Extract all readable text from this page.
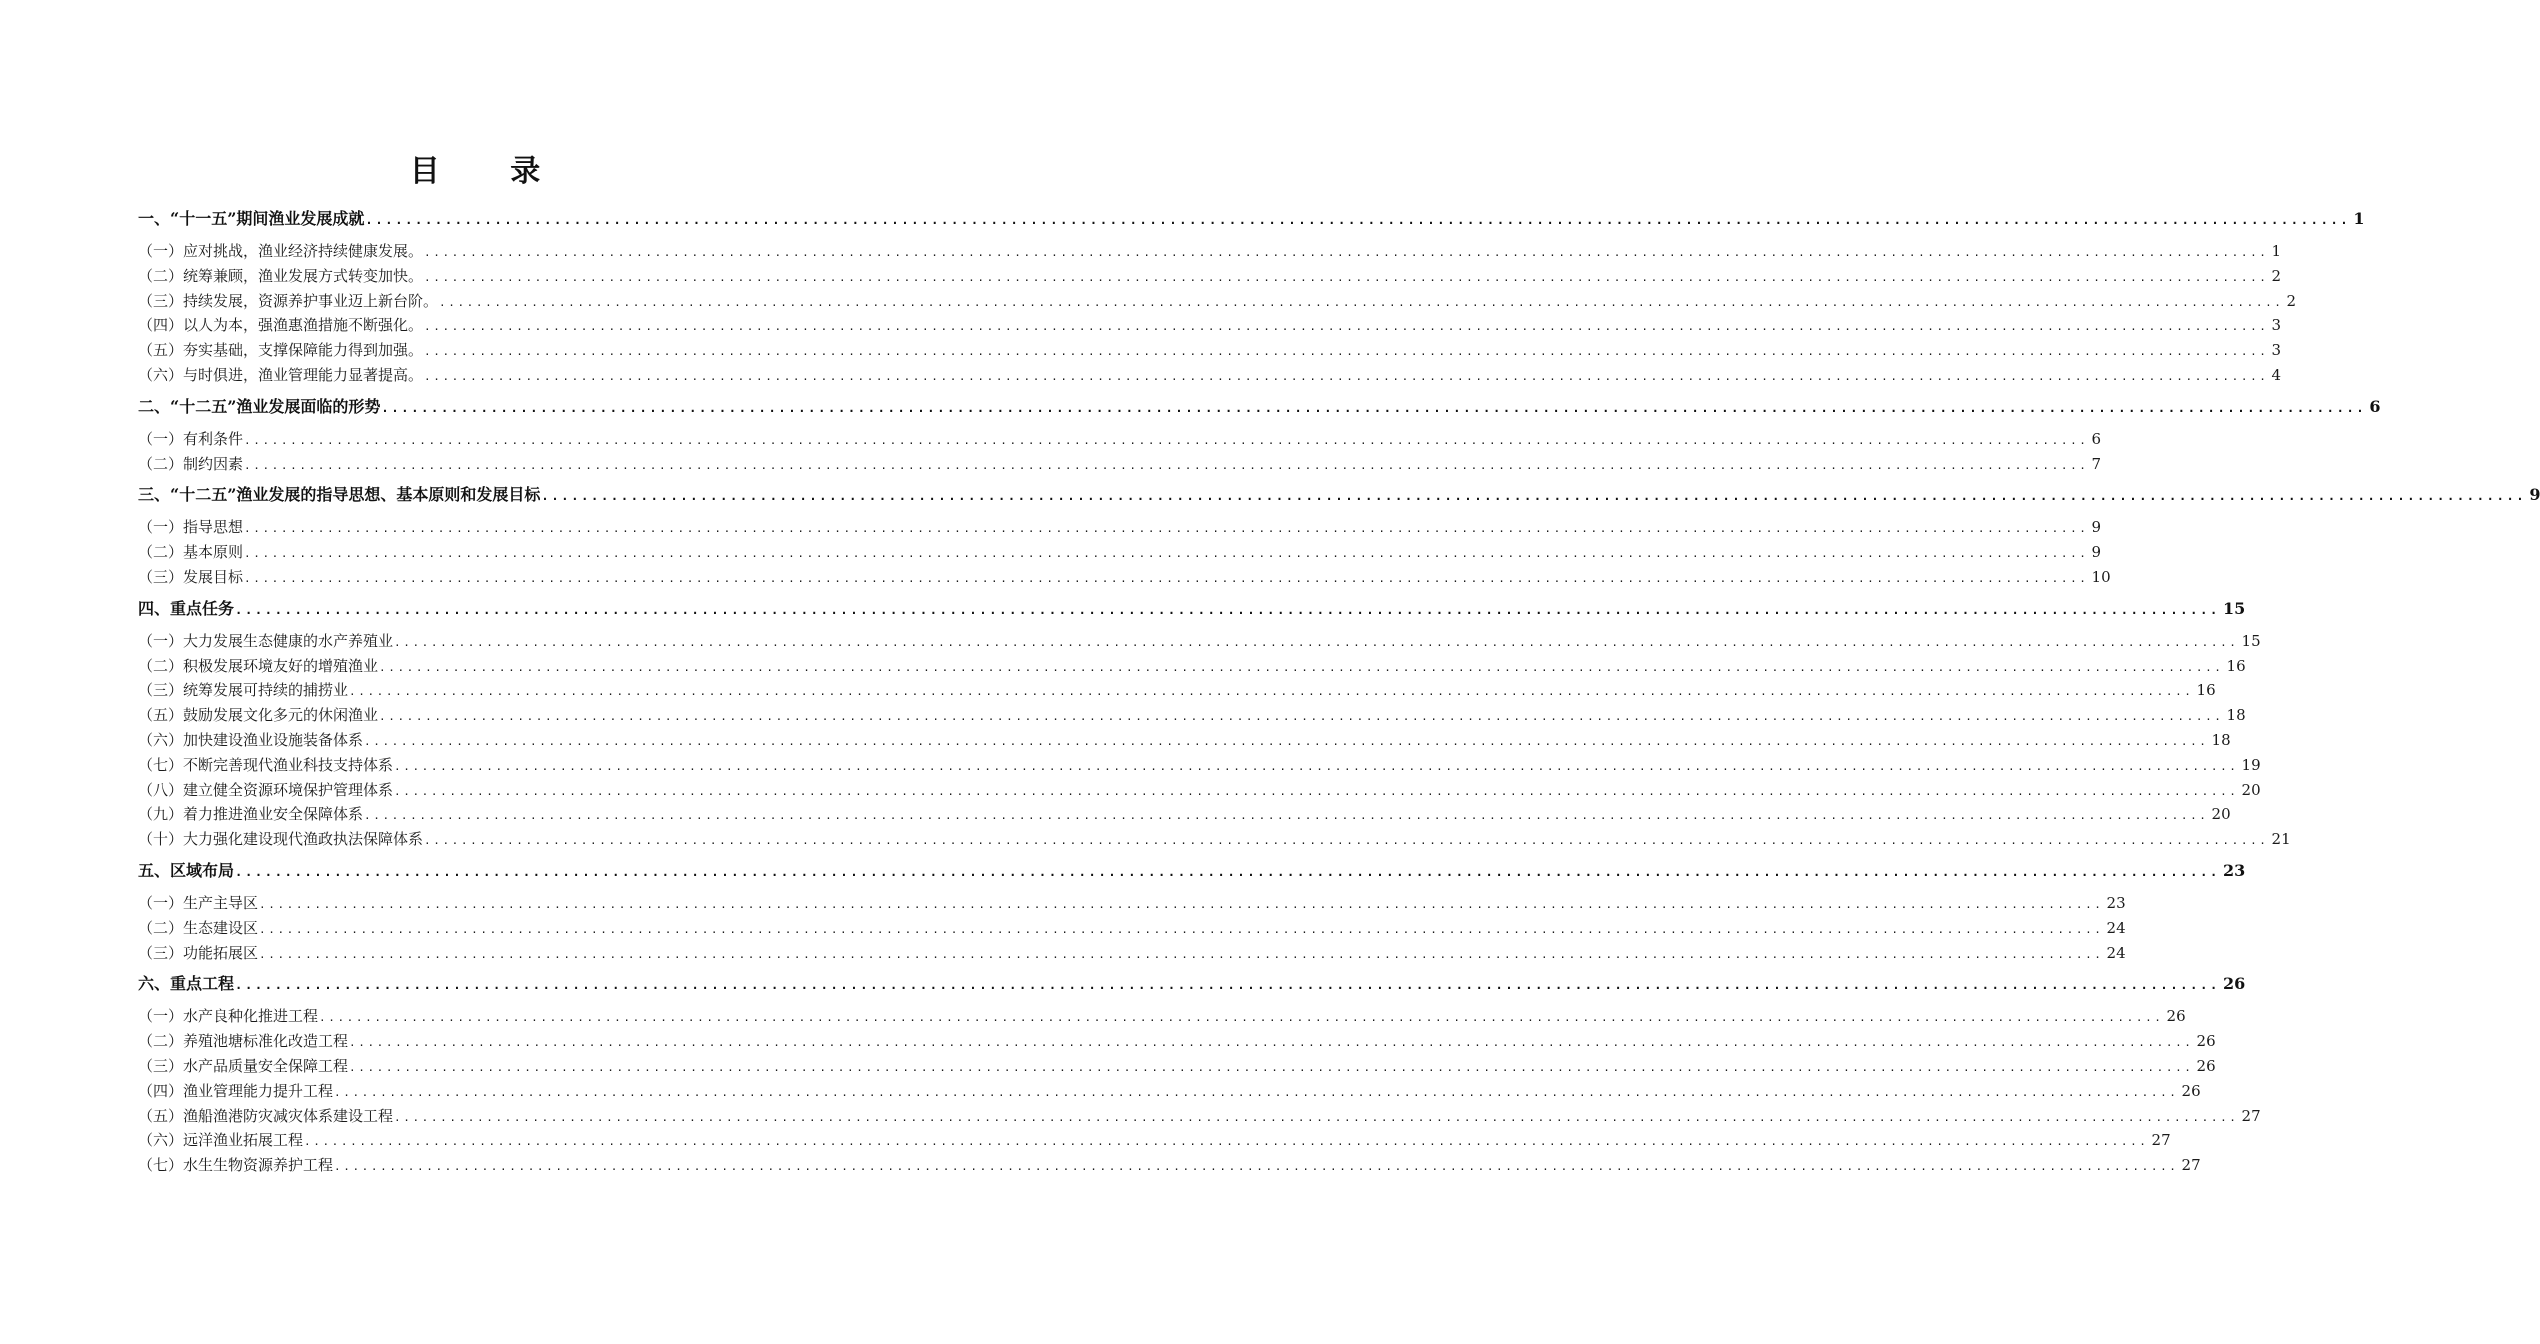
目 录
一、“十一五”期间渔业发展成就 ........................................................................................................................................................................................................ 1
（一）应对挑战，渔业经济持续健康发展。 ........................................................................................................................................................................................................ 1
（二）统筹兼顾，渔业发展方式转变加快。 ........................................................................................................................................................................................................ 2
（三）持续发展，资源养护事业迈上新台阶。 ........................................................................................................................................................................................................ 2
（四）以人为本，强渔惠渔措施不断强化。 ........................................................................................................................................................................................................ 3
（五）夯实基础，支撑保障能力得到加强。 ........................................................................................................................................................................................................ 3
（六）与时俱进，渔业管理能力显著提高。 ........................................................................................................................................................................................................ 4
二、“十二五”渔业发展面临的形势 ........................................................................................................................................................................................................ 6
（一）有利条件 ........................................................................................................................................................................................................ 6
（二）制约因素 ........................................................................................................................................................................................................ 7
三、“十二五”渔业发展的指导思想、基本原则和发展目标 ........................................................................................................................................................................................................ 9
（一）指导思想 ........................................................................................................................................................................................................ 9
（二）基本原则 ........................................................................................................................................................................................................ 9
（三）发展目标 ........................................................................................................................................................................................................ 10
四、重点任务 ........................................................................................................................................................................................................ 15
（一）大力发展生态健康的水产养殖业 ........................................................................................................................................................................................................ 15
（二）积极发展环境友好的增殖渔业 ........................................................................................................................................................................................................ 16
（三）统筹发展可持续的捕捞业 ........................................................................................................................................................................................................ 16
（五）鼓励发展文化多元的休闲渔业 ........................................................................................................................................................................................................ 18
（六）加快建设渔业设施装备体系 ........................................................................................................................................................................................................ 18
（七）不断完善现代渔业科技支持体系 ........................................................................................................................................................................................................ 19
（八）建立健全资源环境保护管理体系 ........................................................................................................................................................................................................ 20
（九）着力推进渔业安全保障体系 ........................................................................................................................................................................................................ 20
（十）大力强化建设现代渔政执法保障体系 ........................................................................................................................................................................................................ 21
五、区域布局 ........................................................................................................................................................................................................ 23
（一）生产主导区 ........................................................................................................................................................................................................ 23
（二）生态建设区 ........................................................................................................................................................................................................ 24
（三）功能拓展区 ........................................................................................................................................................................................................ 24
六、重点工程 ........................................................................................................................................................................................................ 26
（一）水产良种化推进工程 ........................................................................................................................................................................................................ 26
（二）养殖池塘标准化改造工程 ........................................................................................................................................................................................................ 26
（三）水产品质量安全保障工程 ........................................................................................................................................................................................................ 26
（四）渔业管理能力提升工程 ........................................................................................................................................................................................................ 26
（五）渔船渔港防灾减灾体系建设工程 ........................................................................................................................................................................................................ 27
（六）远洋渔业拓展工程 ........................................................................................................................................................................................................ 27
（七）水生生物资源养护工程 ........................................................................................................................................................................................................ 27
